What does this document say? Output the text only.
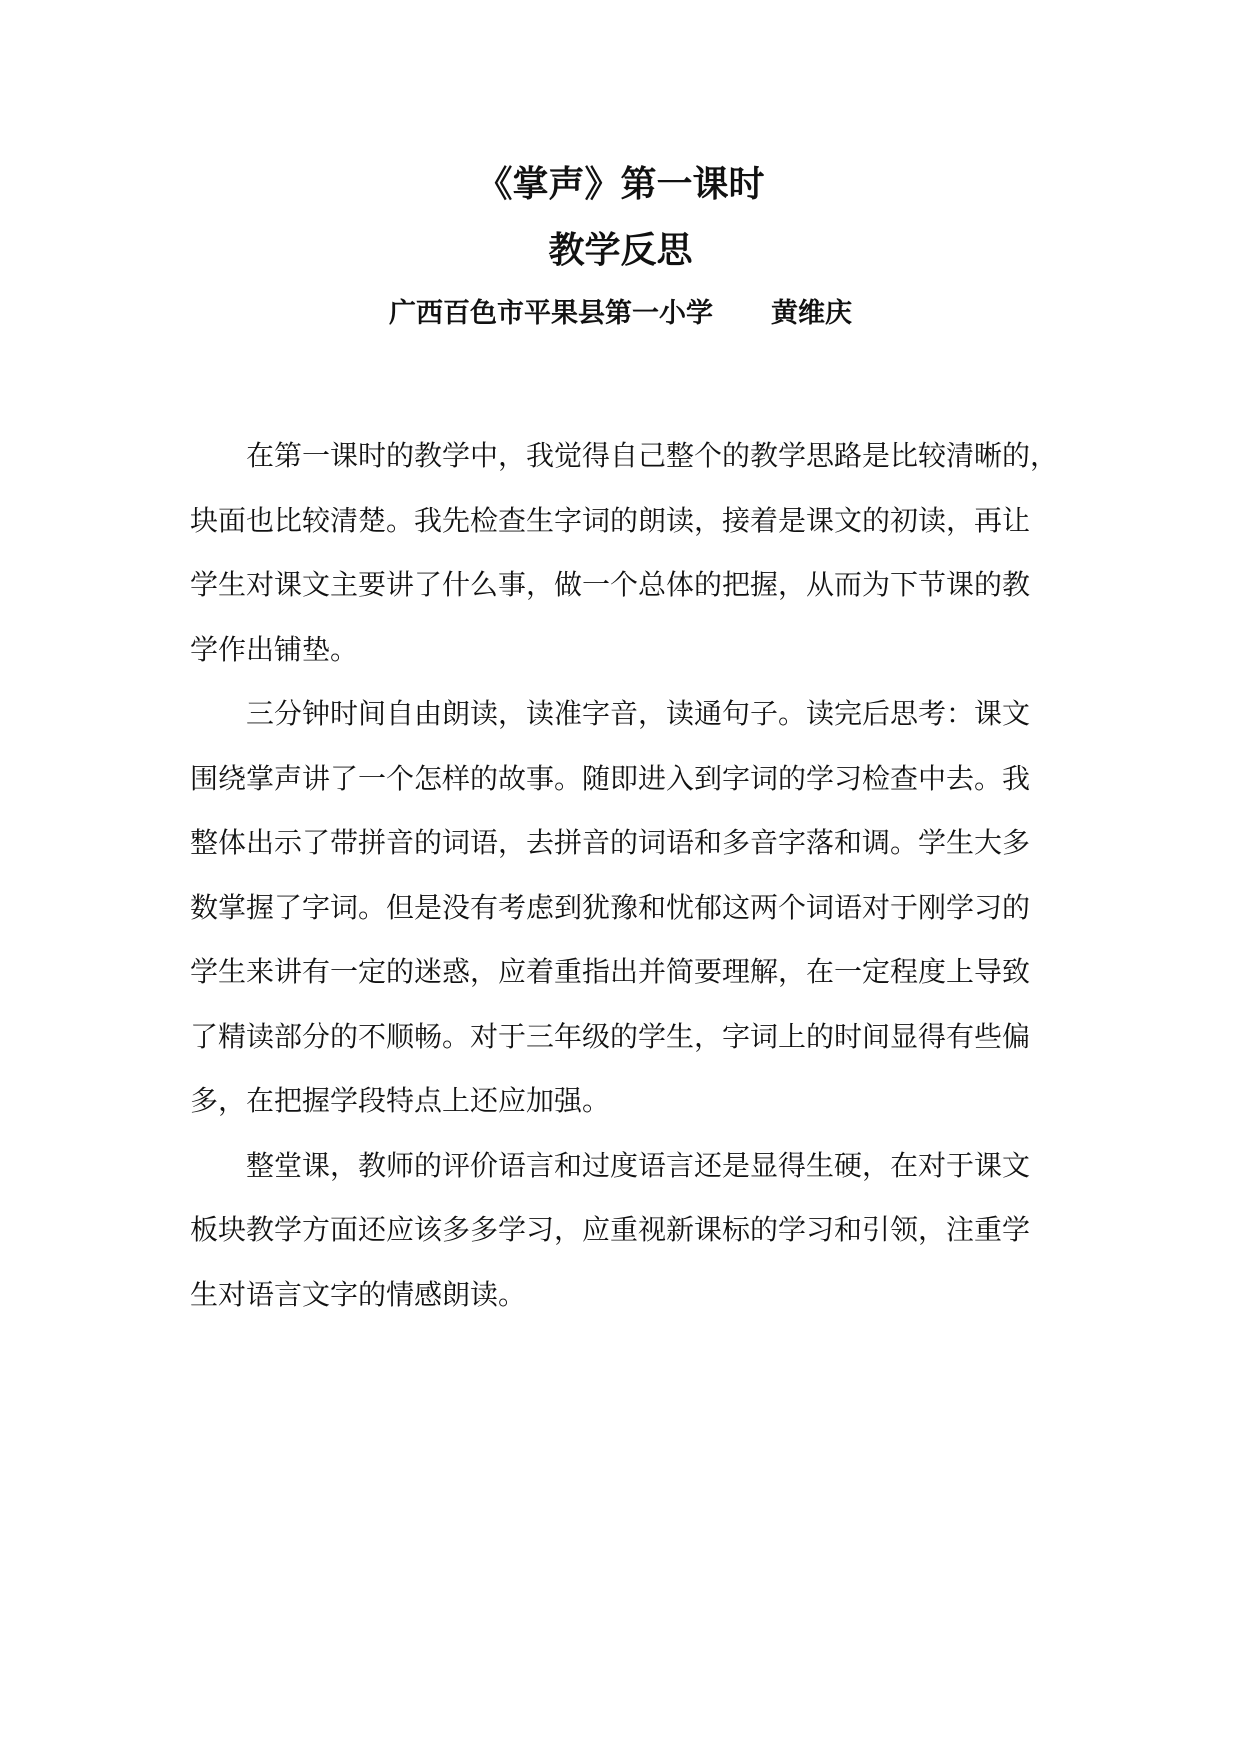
《掌声》第一课时
教学反思
广西百色市平果县第一小学 黄维庆

在第一课时的教学中，我觉得自己整个的教学思路是比较清晰的，

块面也比较清楚。我先检查生字词的朗读，接着是课文的初读，再让

学生对课文主要讲了什么事，做一个总体的把握，从而为下节课的教

学作出铺垫。

三分钟时间自由朗读，读准字音，读通句子。读完后思考：课文

围绕掌声讲了一个怎样的故事。随即进入到字词的学习检查中去。我

整体出示了带拼音的词语，去拼音的词语和多音字落和调。学生大多

数掌握了字词。但是没有考虑到犹豫和忧郁这两个词语对于刚学习的

学生来讲有一定的迷惑，应着重指出并简要理解，在一定程度上导致

了精读部分的不顺畅。对于三年级的学生，字词上的时间显得有些偏

多，在把握学段特点上还应加强。

整堂课，教师的评价语言和过度语言还是显得生硬，在对于课文

板块教学方面还应该多多学习，应重视新课标的学习和引领，注重学

生对语言文字的情感朗读。
